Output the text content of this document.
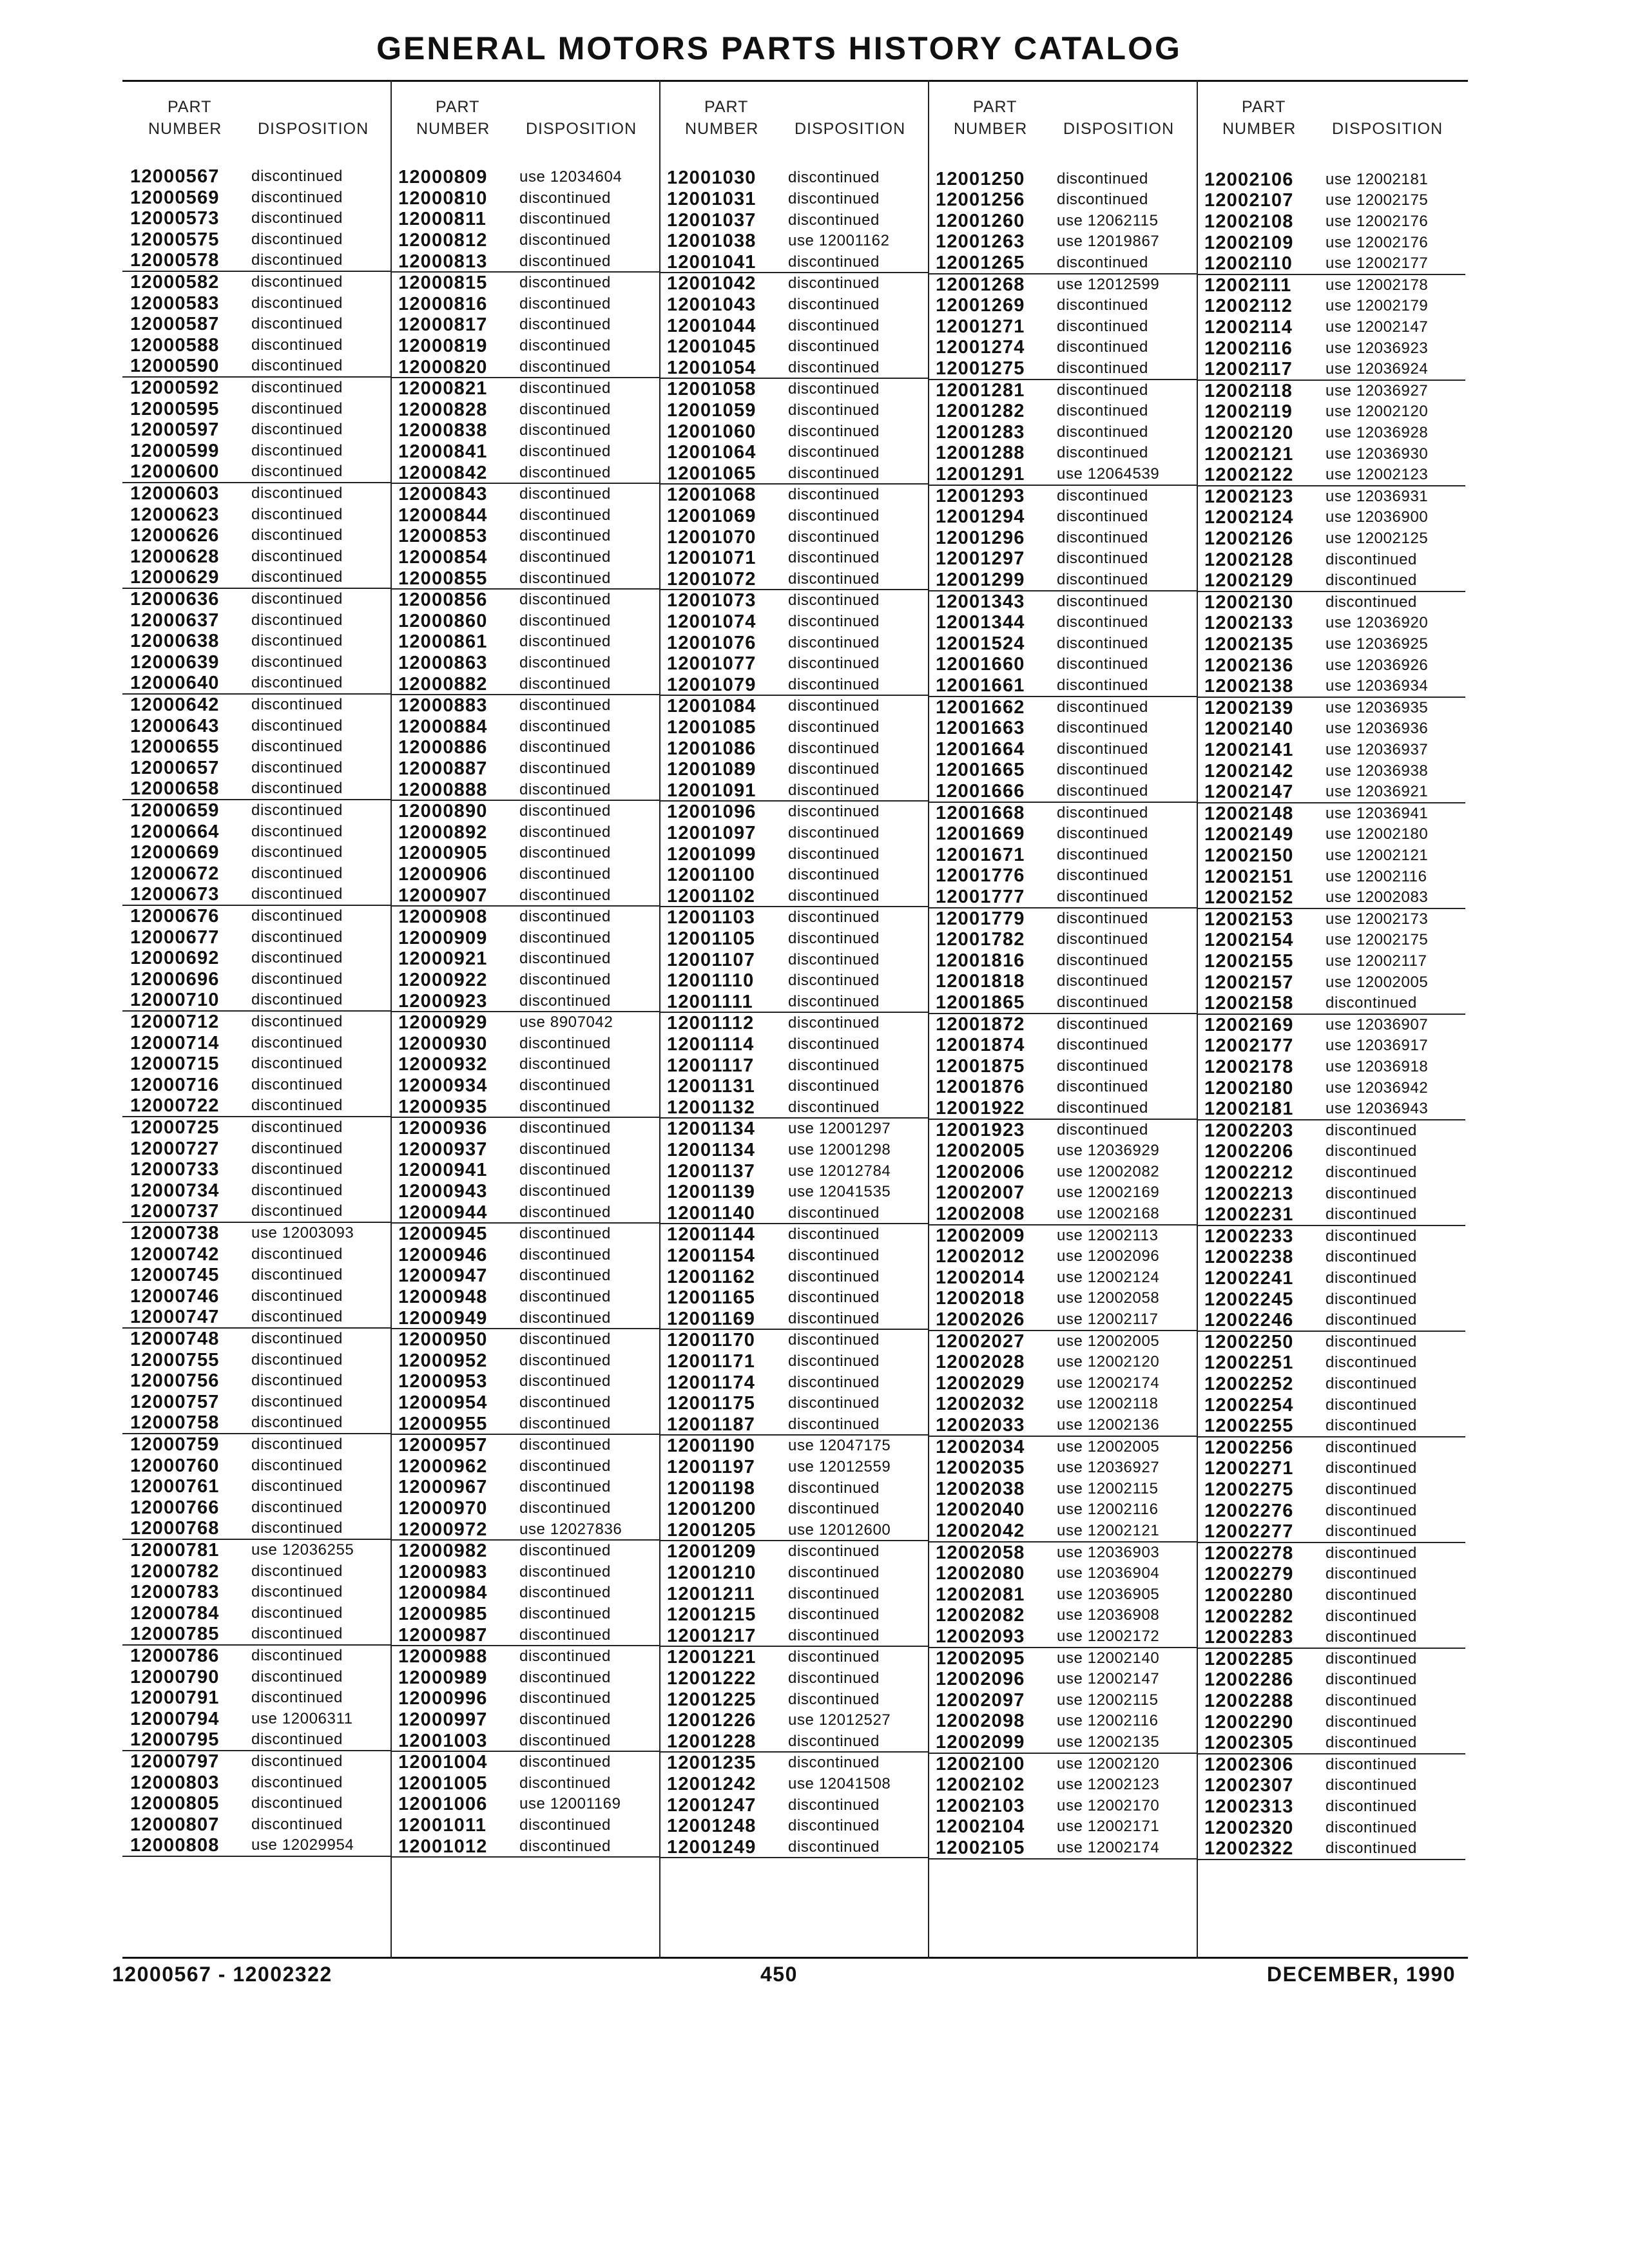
GENERAL MOTORS PARTS HISTORY CATALOG
PART
NUMBER DISPOSITION
12000567 discontinued
12000569 discontinued
12000573 discontinued
12000575 discontinued
12000578 discontinued
12000582 discontinued
12000583 discontinued
12000587 discontinued
12000588 discontinued
12000590 discontinued
12000592 discontinued
12000595 discontinued
12000597 discontinued
12000599 discontinued
12000600 discontinued
12000603 discontinued
12000623 discontinued
12000626 discontinued
12000628 discontinued
12000629 discontinued
12000636 discontinued
12000637 discontinued
12000638 discontinued
12000639 discontinued
12000640 discontinued
12000642 discontinued
12000643 discontinued
12000655 discontinued
12000657 discontinued
12000658 discontinued
12000659 discontinued
12000664 discontinued
12000669 discontinued
12000672 discontinued
12000673 discontinued
12000676 discontinued
12000677 discontinued
12000692 discontinued
12000696 discontinued
12000710 discontinued
12000712 discontinued
12000714 discontinued
12000715 discontinued
12000716 discontinued
12000722 discontinued
12000725 discontinued
12000727 discontinued
12000733 discontinued
12000734 discontinued
12000737 discontinued
12000738 use 12003093
12000742 discontinued
12000745 discontinued
12000746 discontinued
12000747 discontinued
12000748 discontinued
12000755 discontinued
12000756 discontinued
12000757 discontinued
12000758 discontinued
12000759 discontinued
12000760 discontinued
12000761 discontinued
12000766 discontinued
12000768 discontinued
12000781 use 12036255
12000782 discontinued
12000783 discontinued
12000784 discontinued
12000785 discontinued
12000786 discontinued
12000790 discontinued
12000791 discontinued
12000794 use 12006311
12000795 discontinued
12000797 discontinued
12000803 discontinued
12000805 discontinued
12000807 discontinued
12000808 use 12029954
PART
NUMBER DISPOSITION
12000809 use 12034604
12000810 discontinued
12000811 discontinued
12000812 discontinued
12000813 discontinued
12000815 discontinued
12000816 discontinued
12000817 discontinued
12000819 discontinued
12000820 discontinued
12000821 discontinued
12000828 discontinued
12000838 discontinued
12000841 discontinued
12000842 discontinued
12000843 discontinued
12000844 discontinued
12000853 discontinued
12000854 discontinued
12000855 discontinued
12000856 discontinued
12000860 discontinued
12000861 discontinued
12000863 discontinued
12000882 discontinued
12000883 discontinued
12000884 discontinued
12000886 discontinued
12000887 discontinued
12000888 discontinued
12000890 discontinued
12000892 discontinued
12000905 discontinued
12000906 discontinued
12000907 discontinued
12000908 discontinued
12000909 discontinued
12000921 discontinued
12000922 discontinued
12000923 discontinued
12000929 use 8907042
12000930 discontinued
12000932 discontinued
12000934 discontinued
12000935 discontinued
12000936 discontinued
12000937 discontinued
12000941 discontinued
12000943 discontinued
12000944 discontinued
12000945 discontinued
12000946 discontinued
12000947 discontinued
12000948 discontinued
12000949 discontinued
12000950 discontinued
12000952 discontinued
12000953 discontinued
12000954 discontinued
12000955 discontinued
12000957 discontinued
12000962 discontinued
12000967 discontinued
12000970 discontinued
12000972 use 12027836
12000982 discontinued
12000983 discontinued
12000984 discontinued
12000985 discontinued
12000987 discontinued
12000988 discontinued
12000989 discontinued
12000996 discontinued
12000997 discontinued
12001003 discontinued
12001004 discontinued
12001005 discontinued
12001006 use 12001169
12001011 discontinued
12001012 discontinued
PART
NUMBER DISPOSITION
12001030 discontinued
12001031 discontinued
12001037 discontinued
12001038 use 12001162
12001041 discontinued
12001042 discontinued
12001043 discontinued
12001044 discontinued
12001045 discontinued
12001054 discontinued
12001058 discontinued
12001059 discontinued
12001060 discontinued
12001064 discontinued
12001065 discontinued
12001068 discontinued
12001069 discontinued
12001070 discontinued
12001071 discontinued
12001072 discontinued
12001073 discontinued
12001074 discontinued
12001076 discontinued
12001077 discontinued
12001079 discontinued
12001084 discontinued
12001085 discontinued
12001086 discontinued
12001089 discontinued
12001091 discontinued
12001096 discontinued
12001097 discontinued
12001099 discontinued
12001100 discontinued
12001102 discontinued
12001103 discontinued
12001105 discontinued
12001107 discontinued
12001110 discontinued
12001111 discontinued
12001112 discontinued
12001114 discontinued
12001117 discontinued
12001131 discontinued
12001132 discontinued
12001134 use 12001297
12001134 use 12001298
12001137 use 12012784
12001139 use 12041535
12001140 discontinued
12001144 discontinued
12001154 discontinued
12001162 discontinued
12001165 discontinued
12001169 discontinued
12001170 discontinued
12001171 discontinued
12001174 discontinued
12001175 discontinued
12001187 discontinued
12001190 use 12047175
12001197 use 12012559
12001198 discontinued
12001200 discontinued
12001205 use 12012600
12001209 discontinued
12001210 discontinued
12001211 discontinued
12001215 discontinued
12001217 discontinued
12001221 discontinued
12001222 discontinued
12001225 discontinued
12001226 use 12012527
12001228 discontinued
12001235 discontinued
12001242 use 12041508
12001247 discontinued
12001248 discontinued
12001249 discontinued
PART
NUMBER DISPOSITION
12001250 discontinued
12001256 discontinued
12001260 use 12062115
12001263 use 12019867
12001265 discontinued
12001268 use 12012599
12001269 discontinued
12001271 discontinued
12001274 discontinued
12001275 discontinued
12001281 discontinued
12001282 discontinued
12001283 discontinued
12001288 discontinued
12001291 use 12064539
12001293 discontinued
12001294 discontinued
12001296 discontinued
12001297 discontinued
12001299 discontinued
12001343 discontinued
12001344 discontinued
12001524 discontinued
12001660 discontinued
12001661 discontinued
12001662 discontinued
12001663 discontinued
12001664 discontinued
12001665 discontinued
12001666 discontinued
12001668 discontinued
12001669 discontinued
12001671 discontinued
12001776 discontinued
12001777 discontinued
12001779 discontinued
12001782 discontinued
12001816 discontinued
12001818 discontinued
12001865 discontinued
12001872 discontinued
12001874 discontinued
12001875 discontinued
12001876 discontinued
12001922 discontinued
12001923 discontinued
12002005 use 12036929
12002006 use 12002082
12002007 use 12002169
12002008 use 12002168
12002009 use 12002113
12002012 use 12002096
12002014 use 12002124
12002018 use 12002058
12002026 use 12002117
12002027 use 12002005
12002028 use 12002120
12002029 use 12002174
12002032 use 12002118
12002033 use 12002136
12002034 use 12002005
12002035 use 12036927
12002038 use 12002115
12002040 use 12002116
12002042 use 12002121
12002058 use 12036903
12002080 use 12036904
12002081 use 12036905
12002082 use 12036908
12002093 use 12002172
12002095 use 12002140
12002096 use 12002147
12002097 use 12002115
12002098 use 12002116
12002099 use 12002135
12002100 use 12002120
12002102 use 12002123
12002103 use 12002170
12002104 use 12002171
12002105 use 12002174
PART
NUMBER DISPOSITION
12002106 use 12002181
12002107 use 12002175
12002108 use 12002176
12002109 use 12002176
12002110 use 12002177
12002111 use 12002178
12002112 use 12002179
12002114 use 12002147
12002116 use 12036923
12002117 use 12036924
12002118 use 12036927
12002119 use 12002120
12002120 use 12036928
12002121 use 12036930
12002122 use 12002123
12002123 use 12036931
12002124 use 12036900
12002126 use 12002125
12002128 discontinued
12002129 discontinued
12002130 discontinued
12002133 use 12036920
12002135 use 12036925
12002136 use 12036926
12002138 use 12036934
12002139 use 12036935
12002140 use 12036936
12002141 use 12036937
12002142 use 12036938
12002147 use 12036921
12002148 use 12036941
12002149 use 12002180
12002150 use 12002121
12002151 use 12002116
12002152 use 12002083
12002153 use 12002173
12002154 use 12002175
12002155 use 12002117
12002157 use 12002005
12002158 discontinued
12002169 use 12036907
12002177 use 12036917
12002178 use 12036918
12002180 use 12036942
12002181 use 12036943
12002203 discontinued
12002206 discontinued
12002212 discontinued
12002213 discontinued
12002231 discontinued
12002233 discontinued
12002238 discontinued
12002241 discontinued
12002245 discontinued
12002246 discontinued
12002250 discontinued
12002251 discontinued
12002252 discontinued
12002254 discontinued
12002255 discontinued
12002256 discontinued
12002271 discontinued
12002275 discontinued
12002276 discontinued
12002277 discontinued
12002278 discontinued
12002279 discontinued
12002280 discontinued
12002282 discontinued
12002283 discontinued
12002285 discontinued
12002286 discontinued
12002288 discontinued
12002290 discontinued
12002305 discontinued
12002306 discontinued
12002307 discontinued
12002313 discontinued
12002320 discontinued
12002322 discontinued
12000567 - 12002322	450	DECEMBER, 1990
